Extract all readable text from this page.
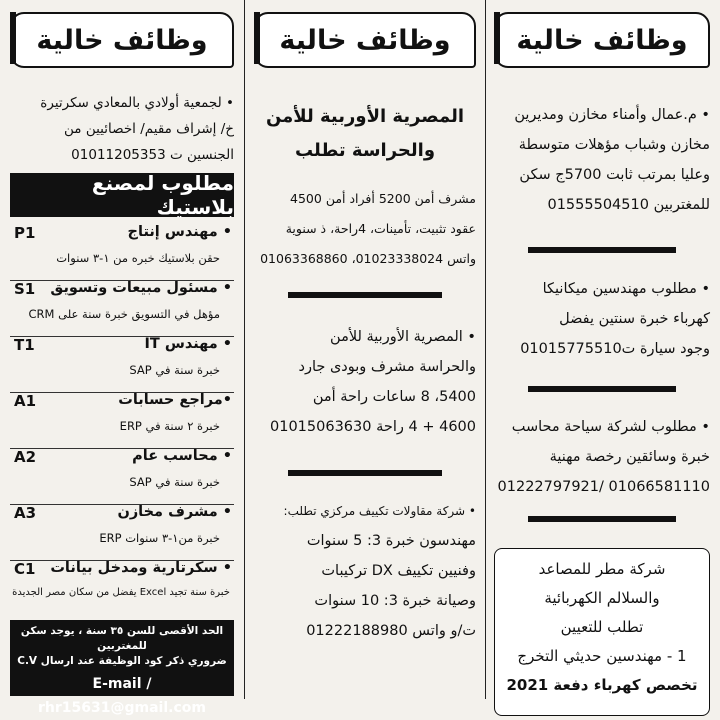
وظائف خالية
• م.عمال وأمناء مخازن ومديرين
مخازن وشباب مؤهلات متوسطة
وعليا بمرتب ثابت 5700ج سكن
للمغتربين 01555504510
• مطلوب مهندسين ميكانيكا
كهرباء خبرة سنتين يفضل
وجود سيارة ت01015775510
• مطلوب لشركة سياحة محاسب
خبرة وسائقين رخصة مهنية
01066581110 /01222797921
شركة مطر للمصاعد
والسلالم الكهربائية
تطلب للتعيين
1 - مهندسين حديثي التخرج
تخصص كهرباء دفعة 2021
وظائف خالية
المصرية الأوربية للأمن
والحراسة تطلب
مشرف أمن 5200 أفراد أمن 4500
عقود تثبيت، تأمينات، 4راحة، ذ سنوية
واتس 01023338024، 01063368860
• المصرية الأوربية للأمن
والحراسة مشرف وبودى جارد
5400، 8 ساعات راحة أمن
4600 + 4 راحة 01015063630
• شركة مقاولات تكييف مركزي تطلب:
مهندسون خبرة 3: 5 سنوات
وفنيين تكييف DX تركيبات
وصيانة خبرة 3: 10 سنوات
ت/و واتس 01222188980
وظائف خالية
• لجمعية أولادي بالمعادي سكرتيرة
خ/ إشراف مقيم/ اخصائيين من
الجنسين ت 01011205353
مطلوب لمصنع بلاستيك
• مهندس إنتاج
P1
حقن بلاستيك خبره من ١-٣ سنوات
• مسئول مبيعات وتسويق
S1
مؤهل في التسويق خبرة سنة على CRM
• مهندس IT
T1
خبرة سنة في SAP
•مراجع حسابات
A1
خبرة ٢ سنة في ERP
• محاسب عام
A2
خبرة سنة في SAP
• مشرف مخازن
A3
خبرة من١-٣ سنوات ERP
• سكرتارية ومدخل بيانات
C1
خبرة سنة تجيد Excel يفضل من سكان مصر الجديدة
الحد الأقصى للسن ٣٥ سنة ، يوجد سكن للمغتربين
ضروري ذكر كود الوظيفة عند ارسال C.V
E-mail / rhr15631@gmail.com
